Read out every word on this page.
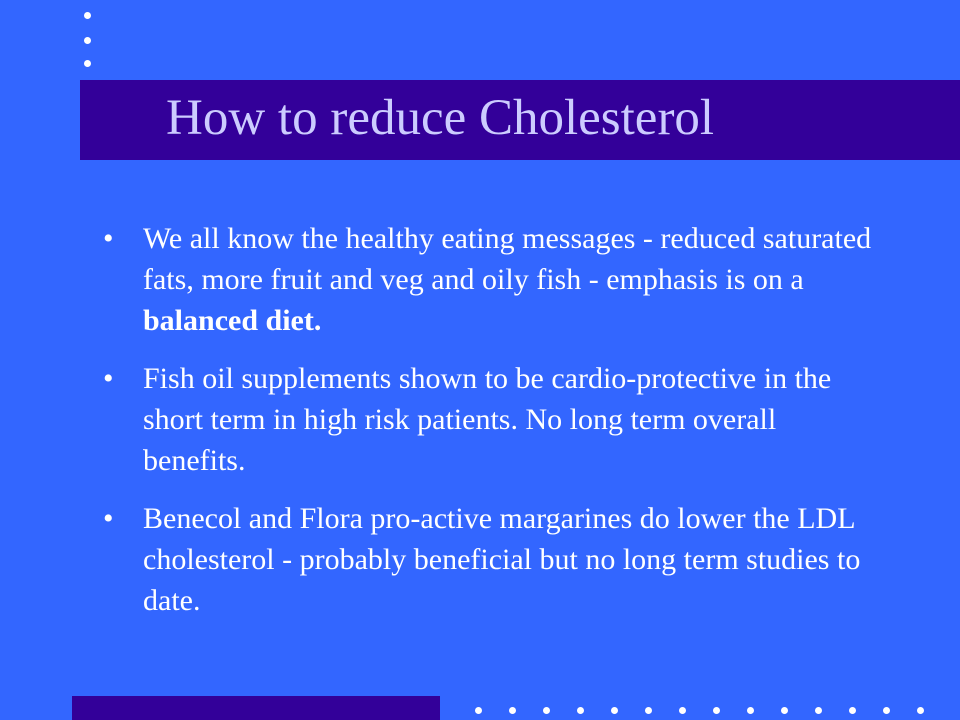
How to reduce Cholesterol
• We all know the healthy eating messages - reduced saturated fats, more fruit and veg and oily fish - emphasis is on a balanced diet.
• Fish oil supplements shown to be cardio-protective in the short term in high risk patients. No long term overall benefits.
• Benecol and Flora pro-active margarines do lower the LDL cholesterol - probably beneficial but no long term studies to date.
